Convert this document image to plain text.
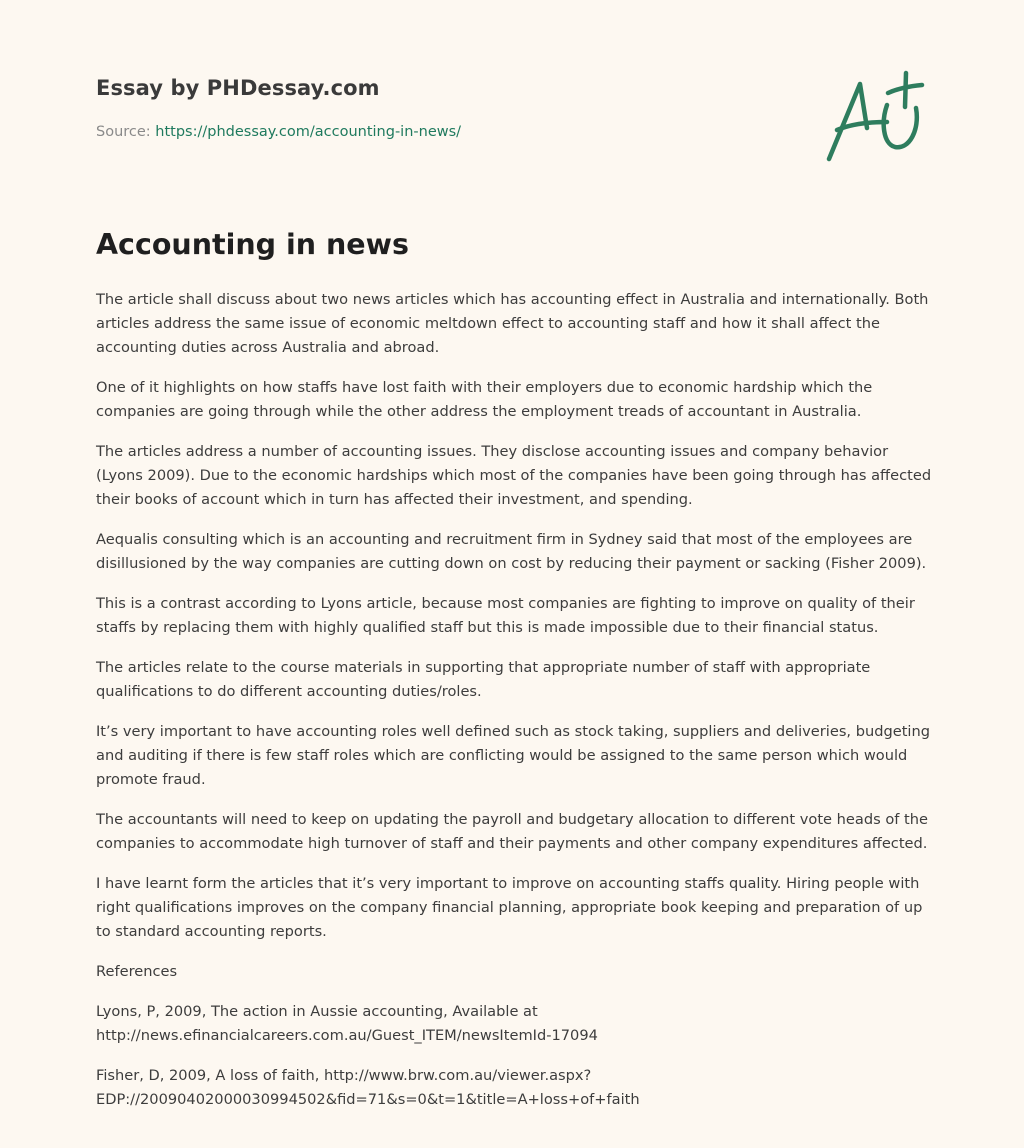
Essay by PHDessay.com
Source: https://phdessay.com/accounting-in-news/
Accounting in news

The article shall discuss about two news articles which has accounting effect in Australia and internationally. Both articles address the same issue of economic meltdown effect to accounting staff and how it shall affect the accounting duties across Australia and abroad.

One of it highlights on how staffs have lost faith with their employers due to economic hardship which the companies are going through while the other address the employment treads of accountant in Australia.

The articles address a number of accounting issues. They disclose accounting issues and company behavior (Lyons 2009). Due to the economic hardships which most of the companies have been going through has affected their books of account which in turn has affected their investment, and spending.

Aequalis consulting which is an accounting and recruitment firm in Sydney said that most of the employees are disillusioned by the way companies are cutting down on cost by reducing their payment or sacking (Fisher 2009).

This is a contrast according to Lyons article, because most companies are fighting to improve on quality of their staffs by replacing them with highly qualified staff but this is made impossible due to their financial status.

The articles relate to the course materials in supporting that appropriate number of staff with appropriate qualifications to do different accounting duties/roles.

It’s very important to have accounting roles well defined such as stock taking, suppliers and deliveries, budgeting and auditing if there is few staff roles which are conflicting would be assigned to the same person which would promote fraud.

The accountants will need to keep on updating the payroll and budgetary allocation to different vote heads of the companies to accommodate high turnover of staff and their payments and other company expenditures affected.

I have learnt form the articles that it’s very important to improve on accounting staffs quality. Hiring people with right qualifications improves on the company financial planning, appropriate book keeping and preparation of up to standard accounting reports.

References

Lyons, P, 2009, The action in Aussie accounting, Available at http://news.efinancialcareers.com.au/Guest_ITEM/newsItemId-17094

Fisher, D, 2009, A loss of faith, http://www.brw.com.au/viewer.aspx?EDP://20090402000030994502&fid=71&s=0&t=1&title=A+loss+of+faith
